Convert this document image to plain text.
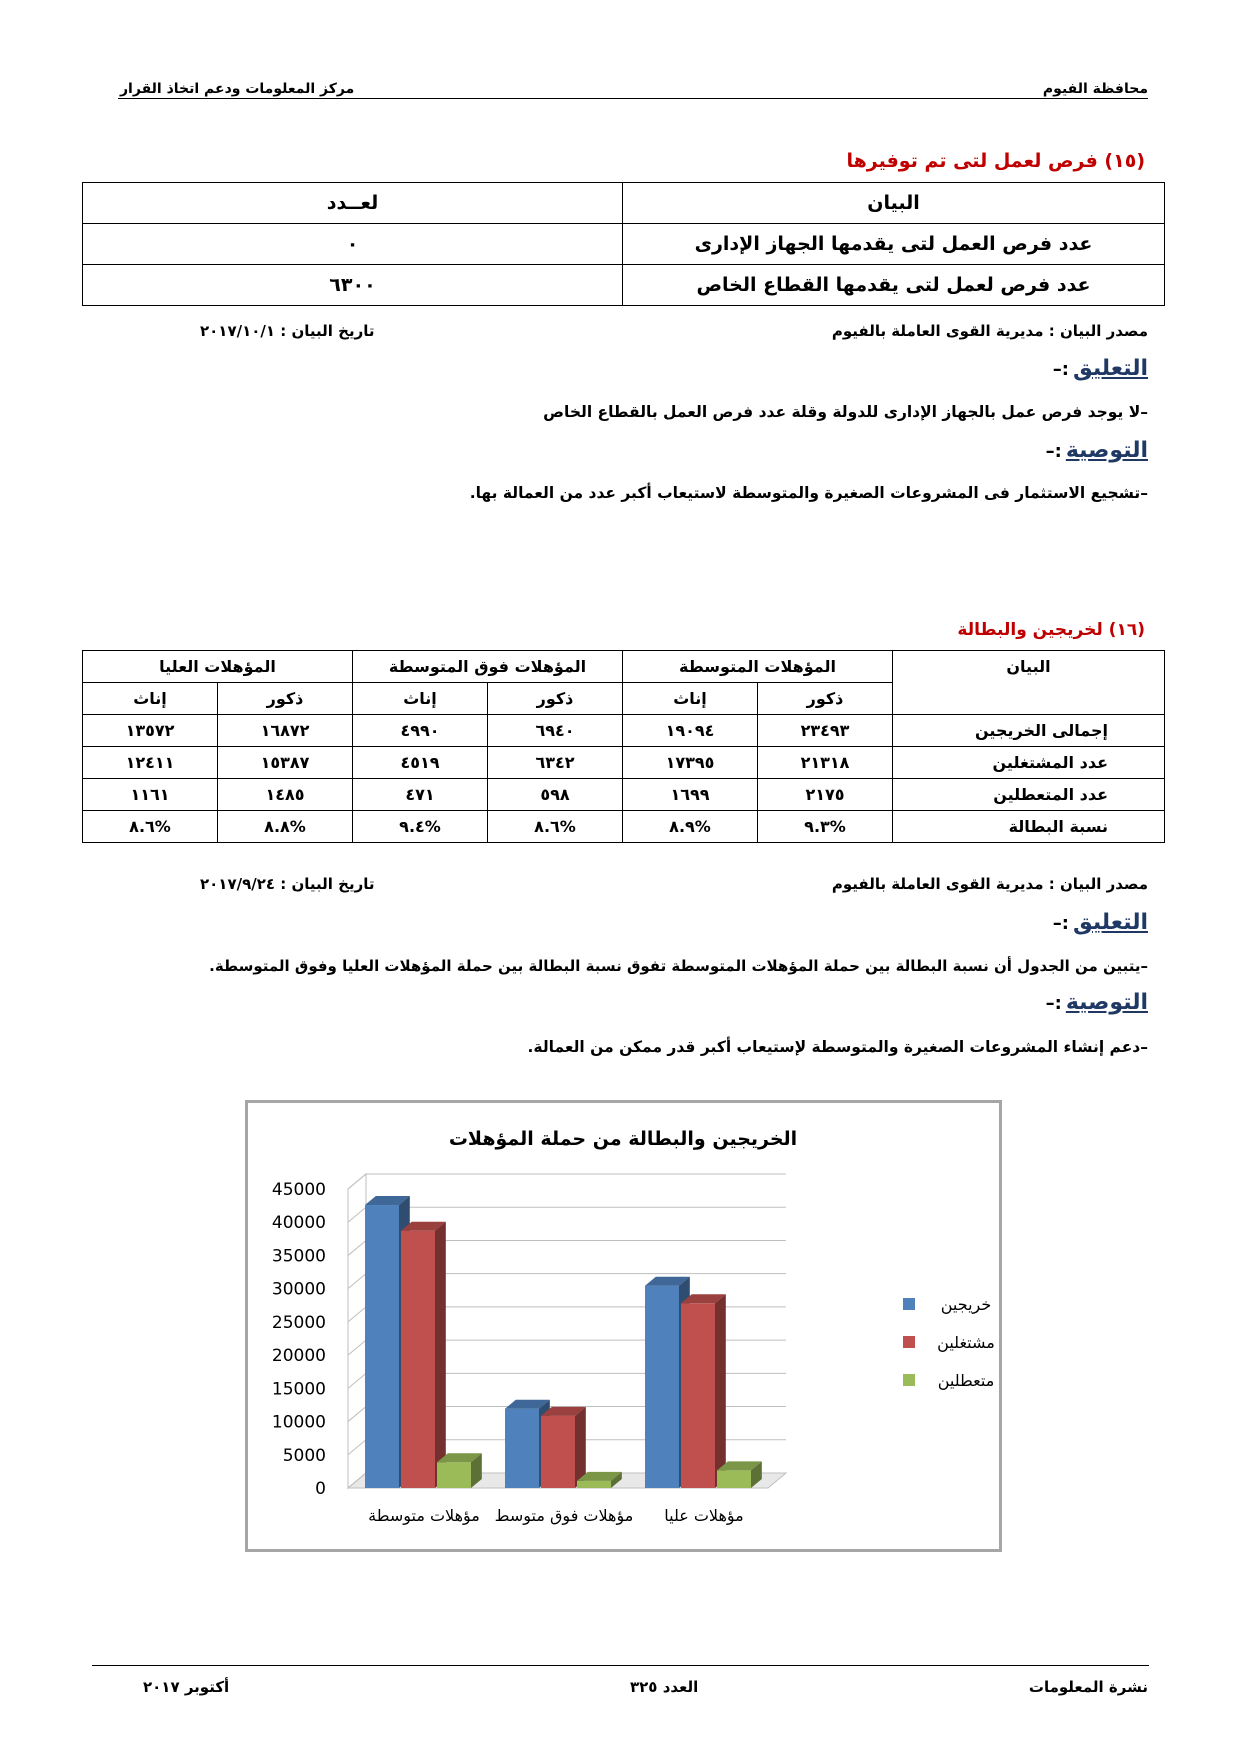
محافظة الفيوم
مركز المعلومات ودعم اتخاذ القرار
(١٥) فرص لعمل لتى تم توفيرها
البيان	لعــدد
عدد فرص العمل لتى يقدمها الجهاز الإدارى	٠
عدد فرص لعمل لتى يقدمها القطاع الخاص	٦٣٠٠
مصدر البيان : مديرية القوى العاملة بالفيوم
تاريخ البيان : ٢٠١٧/١٠/١
التعليق:–
–لا يوجد فرص عمل بالجهاز الإدارى للدولة وقلة عدد فرص العمل بالقطاع الخاص
التوصية:–
–تشجيع الاستثمار فى المشروعات الصغيرة والمتوسطة لاستيعاب أكبر عدد من العمالة بها.
(١٦) لخريجين والبطالة
البيان	المؤهلات المتوسطة		المؤهلات فوق المتوسطة		المؤهلات العليا	
	ذكور	إناث	ذكور	إناث	ذكور	إناث
إجمالى الخريجين	٢٣٤٩٣	١٩٠٩٤	٦٩٤٠	٤٩٩٠	١٦٨٧٢	١٣٥٧٢
عدد المشتغلين	٢١٣١٨	١٧٣٩٥	٦٣٤٢	٤٥١٩	١٥٣٨٧	١٢٤١١
عدد المتعطلين	٢١٧٥	١٦٩٩	٥٩٨	٤٧١	١٤٨٥	١١٦١
نسبة البطالة	%٩.٣	%٨.٩	%٨.٦	%٩.٤	%٨.٨	%٨.٦
مصدر البيان : مديرية القوى العاملة بالفيوم
تاريخ البيان : ٢٠١٧/٩/٢٤
التعليق:–
–يتبين من الجدول أن نسبة البطالة بين حملة المؤهلات المتوسطة تفوق نسبة البطالة بين حملة المؤهلات العليا وفوق المتوسطة.
التوصية:–
–دعم إنشاء المشروعات الصغيرة والمتوسطة لإستيعاب أكبر قدر ممكن من العمالة.
الخريجين والبطالة من حملة المؤهلات
0
5000
10000
15000
20000
25000
30000
35000
40000
45000
مؤهلات متوسطة مؤهلات فوق متوسط مؤهلات عليا
خريجين
مشتغلين
متعطلين
نشرة المعلومات
العدد ٣٢٥
أكتوبر ٢٠١٧
